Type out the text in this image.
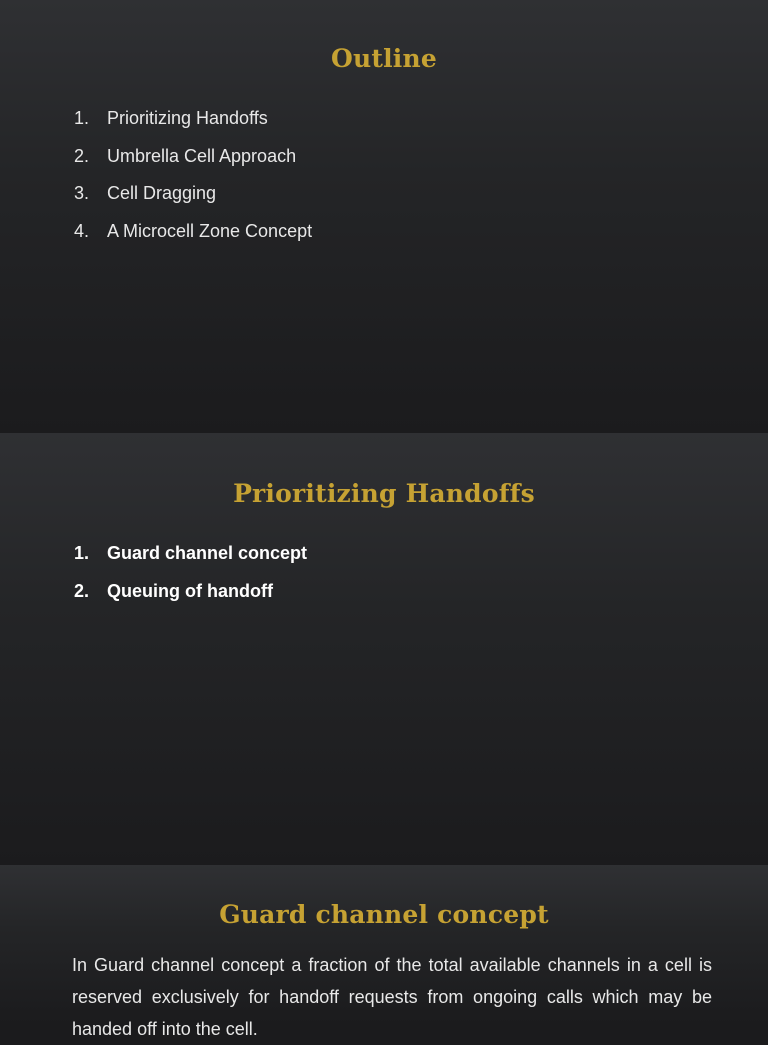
Outline
1. Prioritizing Handoffs
2. Umbrella Cell Approach
3. Cell Dragging
4. A Microcell Zone Concept
Prioritizing Handoffs
1. Guard channel concept
2. Queuing of handoff
Guard channel concept

In Guard channel concept a fraction of the total available channels in a cell is reserved exclusively for handoff requests from ongoing calls which may be handed off into the cell.
